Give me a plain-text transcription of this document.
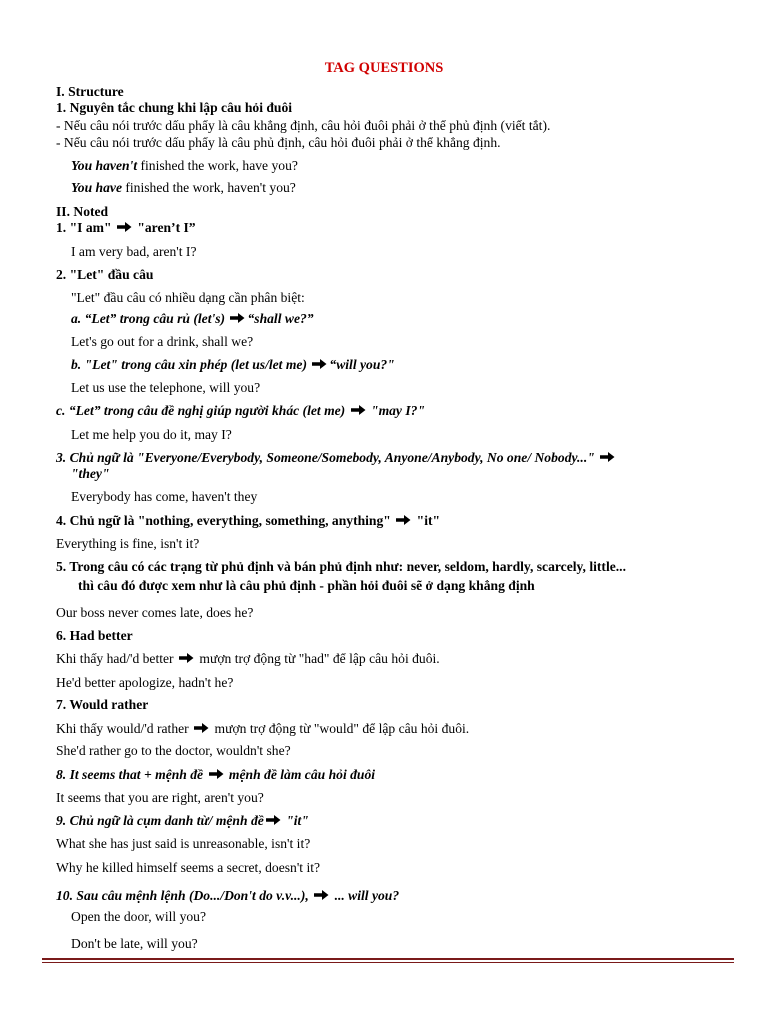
TAG QUESTIONS
I. Structure
1. Nguyên tắc chung khi lập câu hỏi đuôi
- Nếu câu nói trước dấu phẩy là câu khẳng định, câu hỏi đuôi phải ở thể phủ định (viết tắt).
- Nếu câu nói trước dấu phẩy là câu phủ định, câu hỏi đuôi phải ở thể khẳng định.
You haven't finished the work, have you?
You have finished the work, haven't you?
II. Noted
1. "I am" "aren’t I”
I am very bad, aren't I?
2. "Let" đầu câu
"Let" đầu câu có nhiều dạng cần phân biệt:
a. “Let” trong câu rủ (let's) “shall we?”
Let's go out for a drink, shall we?
b. "Let" trong câu xin phép (let us/let me) “will you?"
Let us use the telephone, will you?
c. “Let” trong câu đề nghị giúp người khác (let me) "may I?"
Let me help you do it, may I?
3. Chủ ngữ là "Everyone/Everybody, Someone/Somebody, Anyone/Anybody, No one/ Nobody..."
"they"
Everybody has come, haven't they
4. Chủ ngữ là "nothing, everything, something, anything" "it"
Everything is fine, isn't it?
5. Trong câu có các trạng từ phủ định và bán phủ định như: never, seldom, hardly, scarcely, little...
thì câu đó được xem như là câu phủ định - phần hỏi đuôi sẽ ở dạng khẳng định
Our boss never comes late, does he?
6. Had better
Khi thấy had/'d better mượn trợ động từ "had" để lập câu hỏi đuôi.
He'd better apologize, hadn't he?
7. Would rather
Khi thấy would/'d rather mượn trợ động từ "would" để lập câu hỏi đuôi.
She'd rather go to the doctor, wouldn't she?
8. It seems that + mệnh đề mệnh đề làm câu hỏi đuôi
It seems that you are right, aren't you?
9. Chủ ngữ là cụm danh từ/ mệnh đề "it"
What she has just said is unreasonable, isn't it?
Why he killed himself seems a secret, doesn't it?
10. Sau câu mệnh lệnh (Do.../Don't do v.v...), ... will you?
Open the door, will you?
Don't be late, will you?
